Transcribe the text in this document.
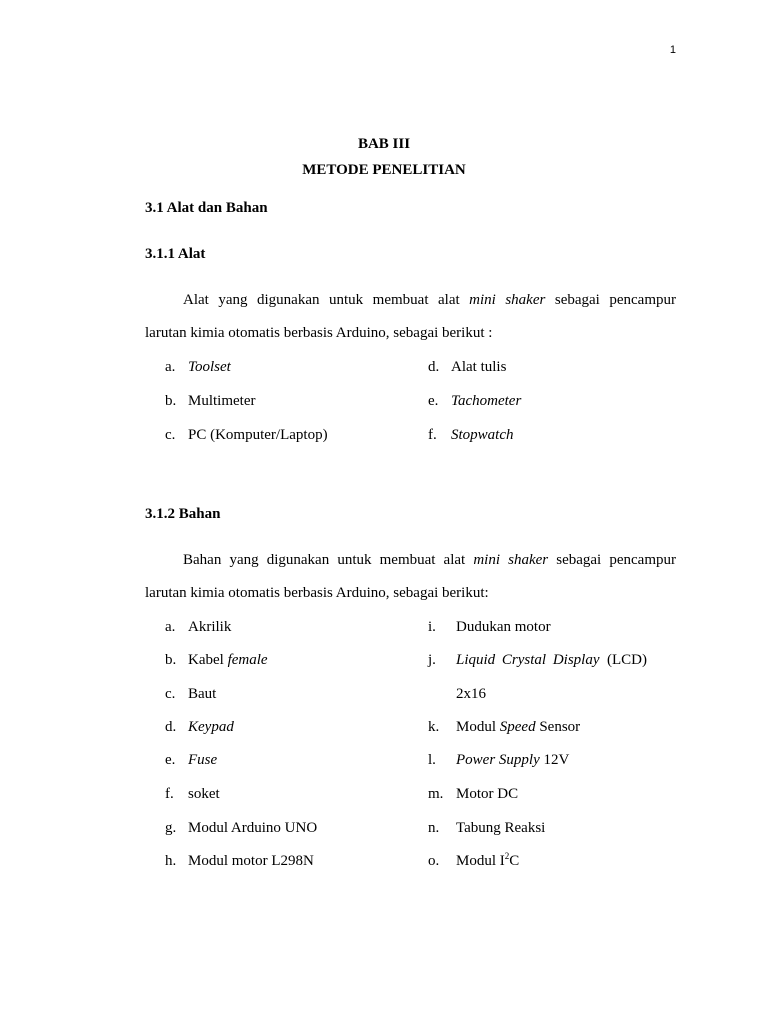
1
BAB III
METODE PENELITIAN
3.1 Alat dan Bahan
3.1.1 Alat
Alat yang digunakan untuk membuat alat mini shaker sebagai pencampur
larutan kimia otomatis berbasis Arduino, sebagai berikut :
a. Toolset
b. Multimeter
c. PC (Komputer/Laptop)
d. Alat tulis
e. Tachometer
f. Stopwatch
3.1.2 Bahan
Bahan yang digunakan untuk membuat alat mini shaker sebagai pencampur
larutan kimia otomatis berbasis Arduino, sebagai berikut:
a. Akrilik
b. Kabel female
c. Baut
d. Keypad
e. Fuse
f. soket
g. Modul Arduino UNO
h. Modul motor L298N
i. Dudukan motor
j. Liquid Crystal Display  (LCD)
2x16
k. Modul Speed Sensor
l. Power Supply 12V
m. Motor DC
n. Tabung Reaksi
o. Modul $I^2C$
